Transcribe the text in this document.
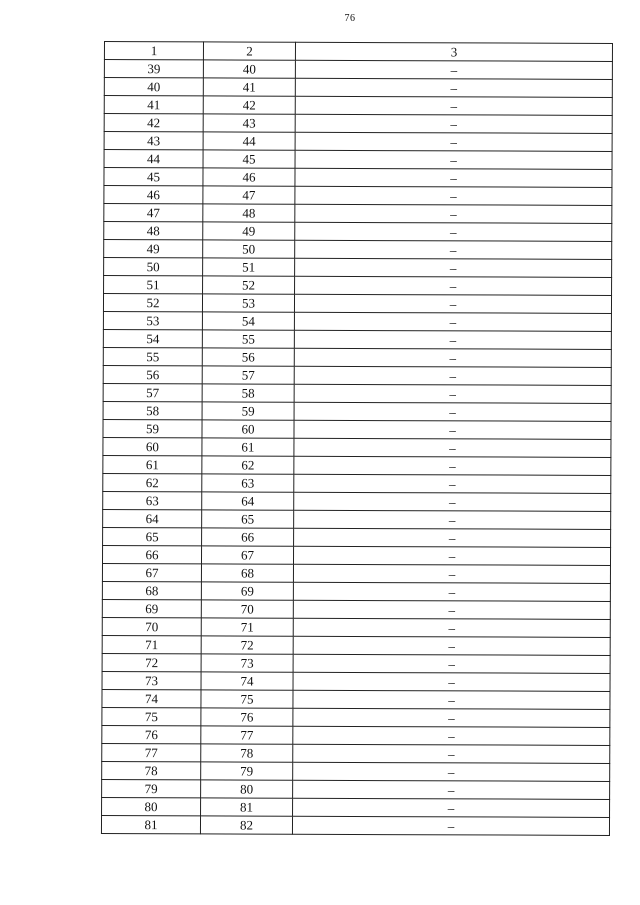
76
1	2	3
39	40	–
40	41	–
41	42	–
42	43	–
43	44	–
44	45	–
45	46	–
46	47	–
47	48	–
48	49	–
49	50	–
50	51	–
51	52	–
52	53	–
53	54	–
54	55	–
55	56	–
56	57	–
57	58	–
58	59	–
59	60	–
60	61	–
61	62	–
62	63	–
63	64	–
64	65	–
65	66	–
66	67	–
67	68	–
68	69	–
69	70	–
70	71	–
71	72	–
72	73	–
73	74	–
74	75	–
75	76	–
76	77	–
77	78	–
78	79	–
79	80	–
80	81	–
81	82	–
